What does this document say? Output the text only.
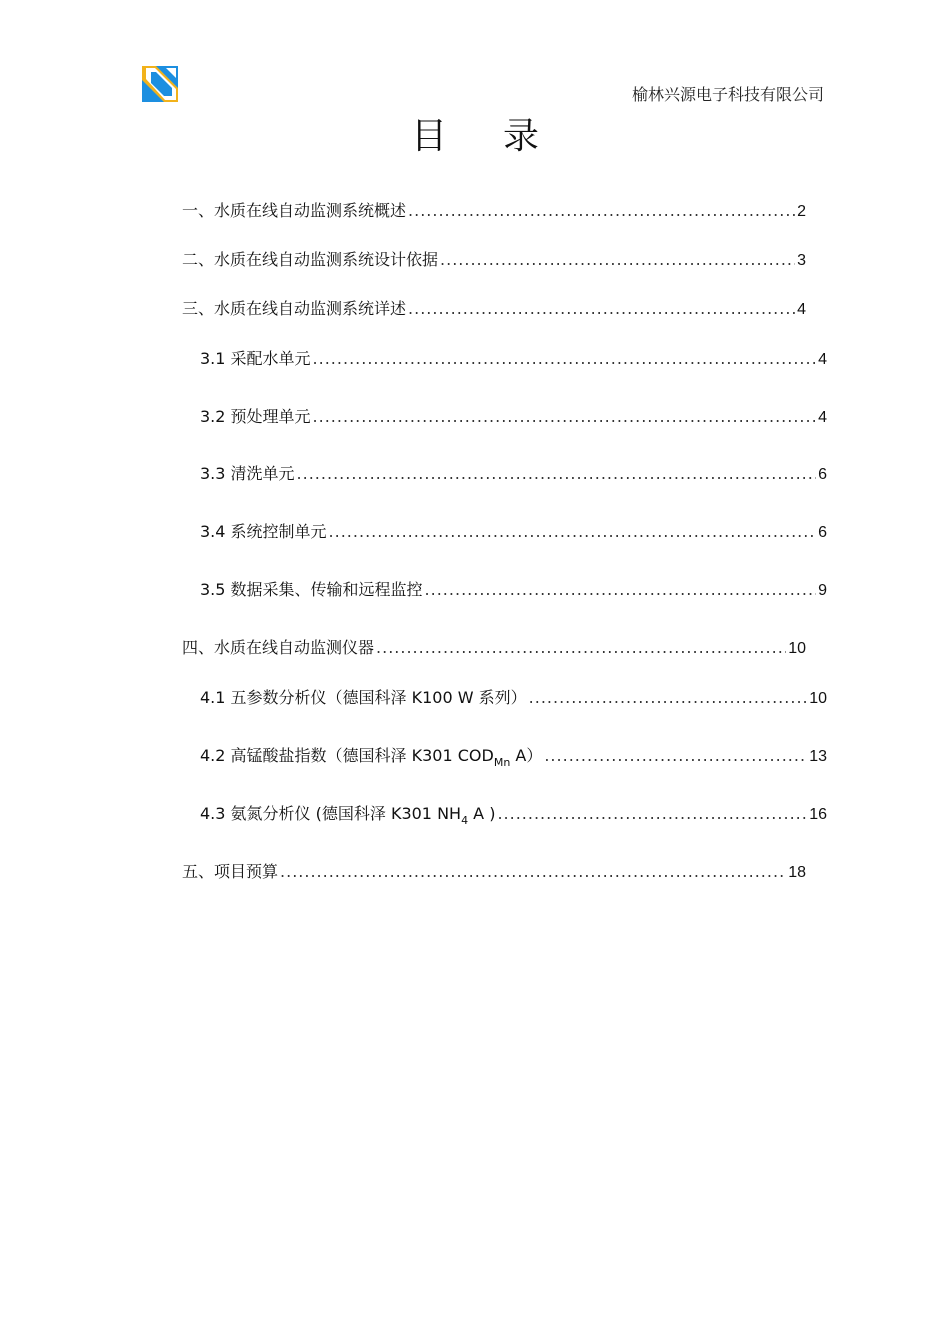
榆林兴源电子科技有限公司
目录
一、水质在线自动监测系统概述 .....	2
二、水质在线自动监测系统设计依据 .....	3
三、水质在线自动监测系统详述 .....	4
3.1 采配水单元 .....	4
3.2 预处理单元 .....	4
3.3 清洗单元 .....	6
3.4 系统控制单元 .....	6
3.5 数据采集、传输和远程监控 .....	9
四、水质在线自动监测仪器 .....	10
4.1 五参数分析仪（德国科泽 K100 W 系列） .....	10
4.2 高锰酸盐指数（德国科泽 K301 $COD_{Mn}$ A） .....	13
4.3 氨氮分析仪 (德国科泽 K301 $NH_4$ A ) .....	16
五、项目预算 .....	18
